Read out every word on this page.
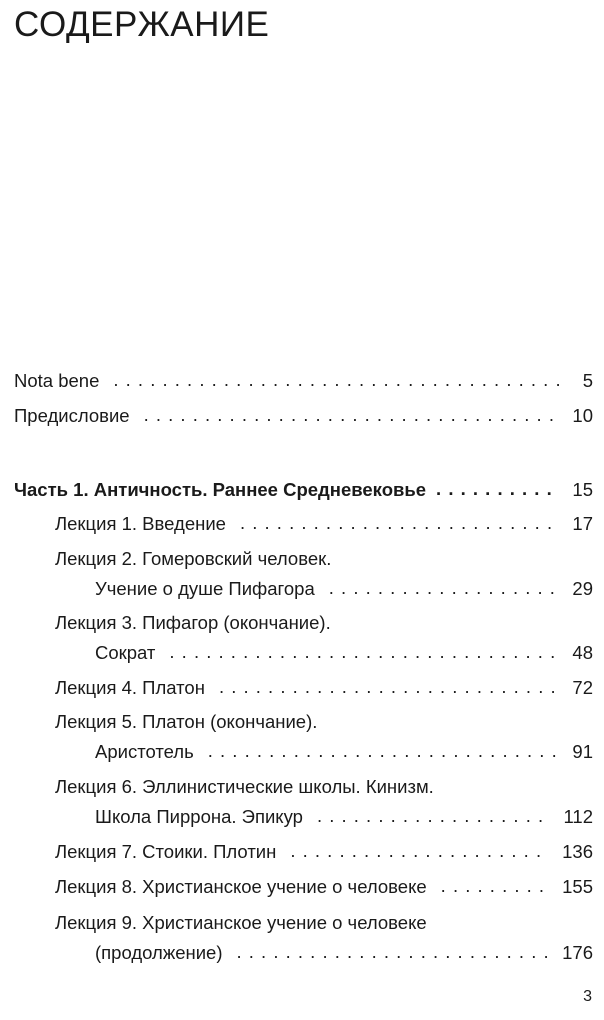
СОДЕРЖАНИЕ
Nota bene . . .	5
Предисловие . . .	10
Часть 1. Античность. Раннее Средневековье . . .	15
Лекция 1. Введение . . .	17
Лекция 2. Гомеровский человек.
Учение о душе Пифагора . . .	29
Лекция 3. Пифагор (окончание).
Сократ . . .	48
Лекция 4. Платон . . .	72
Лекция 5. Платон (окончание).
Аристотель . . .	91
Лекция 6. Эллинистические школы. Кинизм.
Школа Пиррона. Эпикур . . .	112
Лекция 7. Стоики. Плотин . . .	136
Лекция 8. Христианское учение о человеке . . .	155
Лекция 9. Христианское учение о человеке
(продолжение) . . .	176
3
